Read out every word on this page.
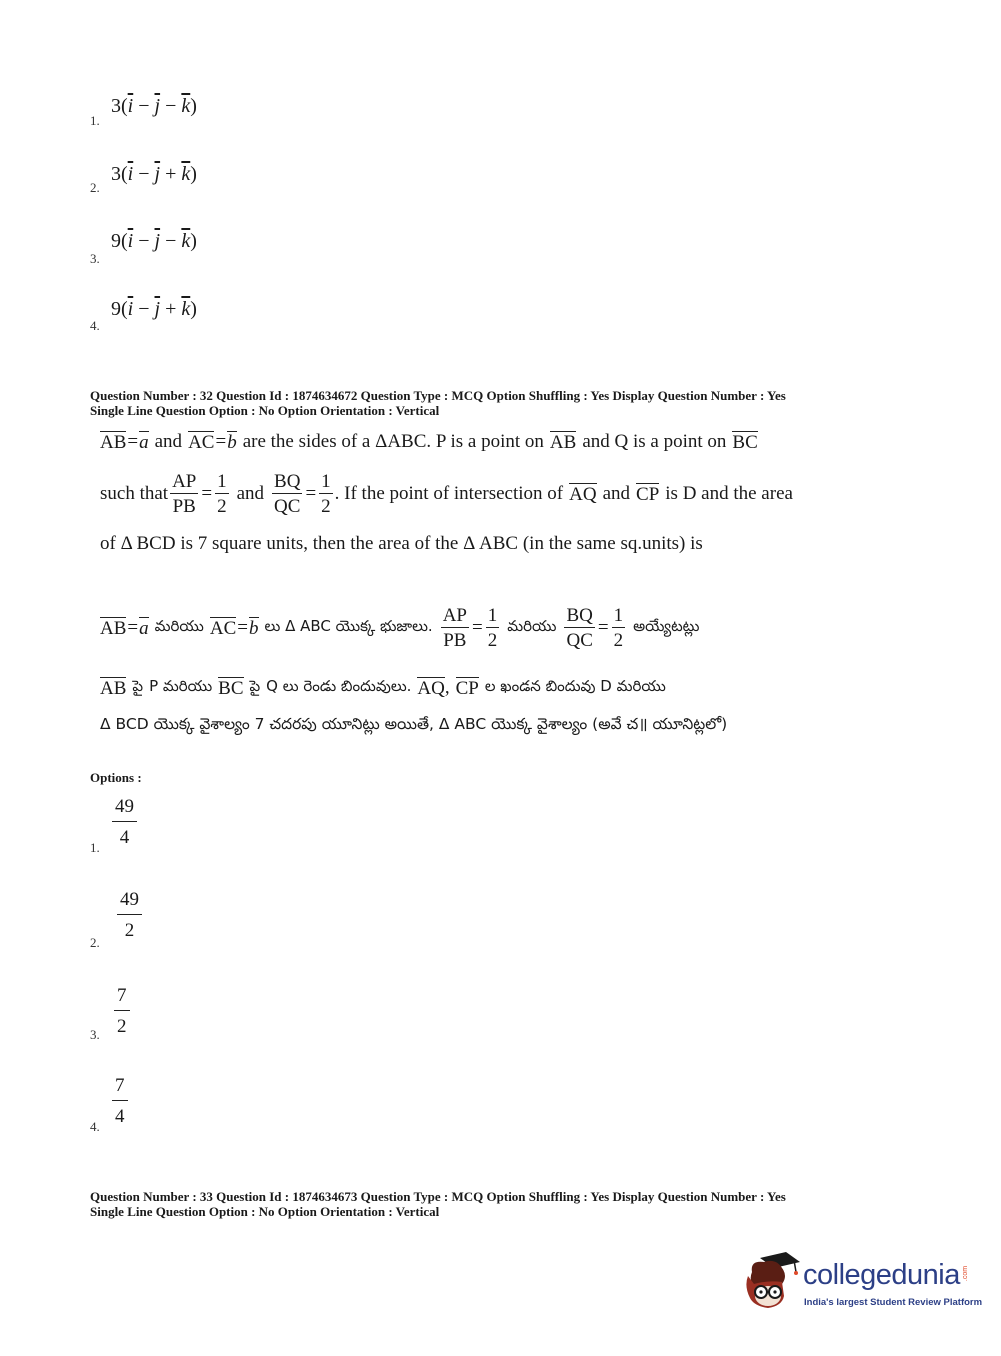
1.
$3(\overline{i} - \overline{j} - \overline{k})$
2.
$3(\overline{i} - \overline{j} + \overline{k})$
3.
$9(\overline{i} - \overline{j} - \overline{k})$
4.
$9(\overline{i} - \overline{j} + \overline{k})$
Question Number : 32 Question Id : 1874634672 Question Type : MCQ Option Shuffling : Yes Display Question Number : Yes
Single Line Question Option : No Option Orientation : Vertical
AB = a and AC = b are the sides of a ΔABC. P is a point on AB and Q is a point on BC
such that $\frac{AP}{PB} = \frac{1}{2}$ and $\frac{BQ}{QC} = \frac{1}{2}$ . If the point of intersection of AQ and CP is D and the area
of Δ BCD is 7 square units, then the area of the Δ ABC (in the same sq.units) is
AB = a మరియు AC = b లు Δ ABC యొక్క భుజాలు. $\frac{AP}{PB} = \frac{1}{2}$ మరియు $\frac{BQ}{QC} = \frac{1}{2}$ అయ్యేటట్లు
AB పై P మరియు BC పై Q లు రెండు బిందువులు. AQ , CP ల ఖండన బిందువు D మరియు
Δ BCD యొక్క వైశాల్యం 7 చదరపు యూనిట్లు అయితే, Δ ABC యొక్క వైశాల్యం (అవే చ॥ యూనిట్లలో)
Options :
1.
$\frac{49}{4}$
2.
$\frac{49}{2}$
3. $\frac{7}{2}$
4.
$\frac{7}{4}$
Question Number : 33 Question Id : 1874634673 Question Type : MCQ Option Shuffling : Yes Display Question Number : Yes
Single Line Question Option : No Option Orientation : Vertical
collegedunia .com
India's largest Student Review Platform
